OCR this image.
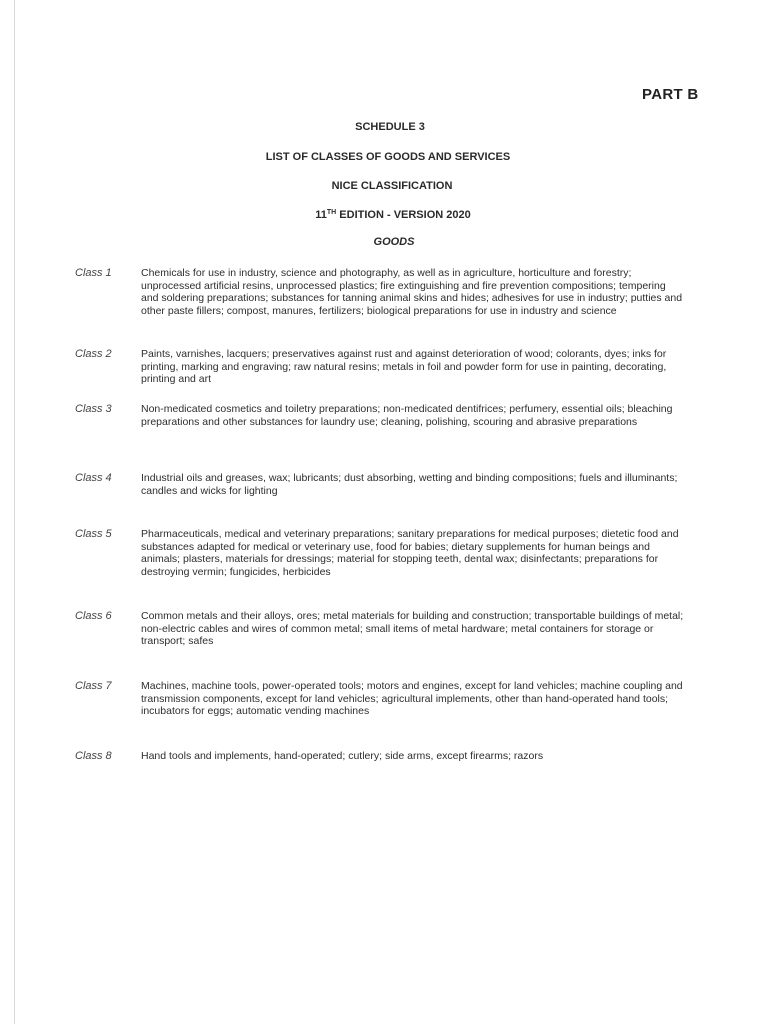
PART B
SCHEDULE 3
LIST OF CLASSES OF GOODS AND SERVICES
NICE CLASSIFICATION
11TH EDITION - VERSION 2020
GOODS
Class 1	Chemicals for use in industry, science and photography, as well as in agriculture, horticulture and forestry; unprocessed artificial resins, unprocessed plastics; fire extinguishing and fire prevention compositions; tempering and soldering preparations; substances for tanning animal skins and hides; adhesives for use in industry; putties and other paste fillers; compost, manures, fertilizers; biological preparations for use in industry and science
Class 2	Paints, varnishes, lacquers; preservatives against rust and against deterioration of wood; colorants, dyes; inks for printing, marking and engraving; raw natural resins; metals in foil and powder form for use in painting, decorating, printing and art
Class 3	Non-medicated cosmetics and toiletry preparations; non-medicated dentifrices; perfumery, essential oils; bleaching preparations and other substances for laundry use; cleaning, polishing, scouring and abrasive preparations
Class 4	Industrial oils and greases, wax; lubricants; dust absorbing, wetting and binding compositions; fuels and illuminants; candles and wicks for lighting
Class 5	Pharmaceuticals, medical and veterinary preparations; sanitary preparations for medical purposes; dietetic food and substances adapted for medical or veterinary use, food for babies; dietary supplements for human beings and animals; plasters, materials for dressings; material for stopping teeth, dental wax; disinfectants; preparations for destroying vermin; fungicides, herbicides
Class 6	Common metals and their alloys, ores; metal materials for building and construction; transportable buildings of metal; non-electric cables and wires of common metal; small items of metal hardware; metal containers for storage or transport; safes
Class 7	Machines, machine tools, power-operated tools; motors and engines, except for land vehicles; machine coupling and transmission components, except for land vehicles; agricultural implements, other than hand-operated hand tools; incubators for eggs; automatic vending machines
Class 8	Hand tools and implements, hand-operated; cutlery; side arms, except firearms; razors
